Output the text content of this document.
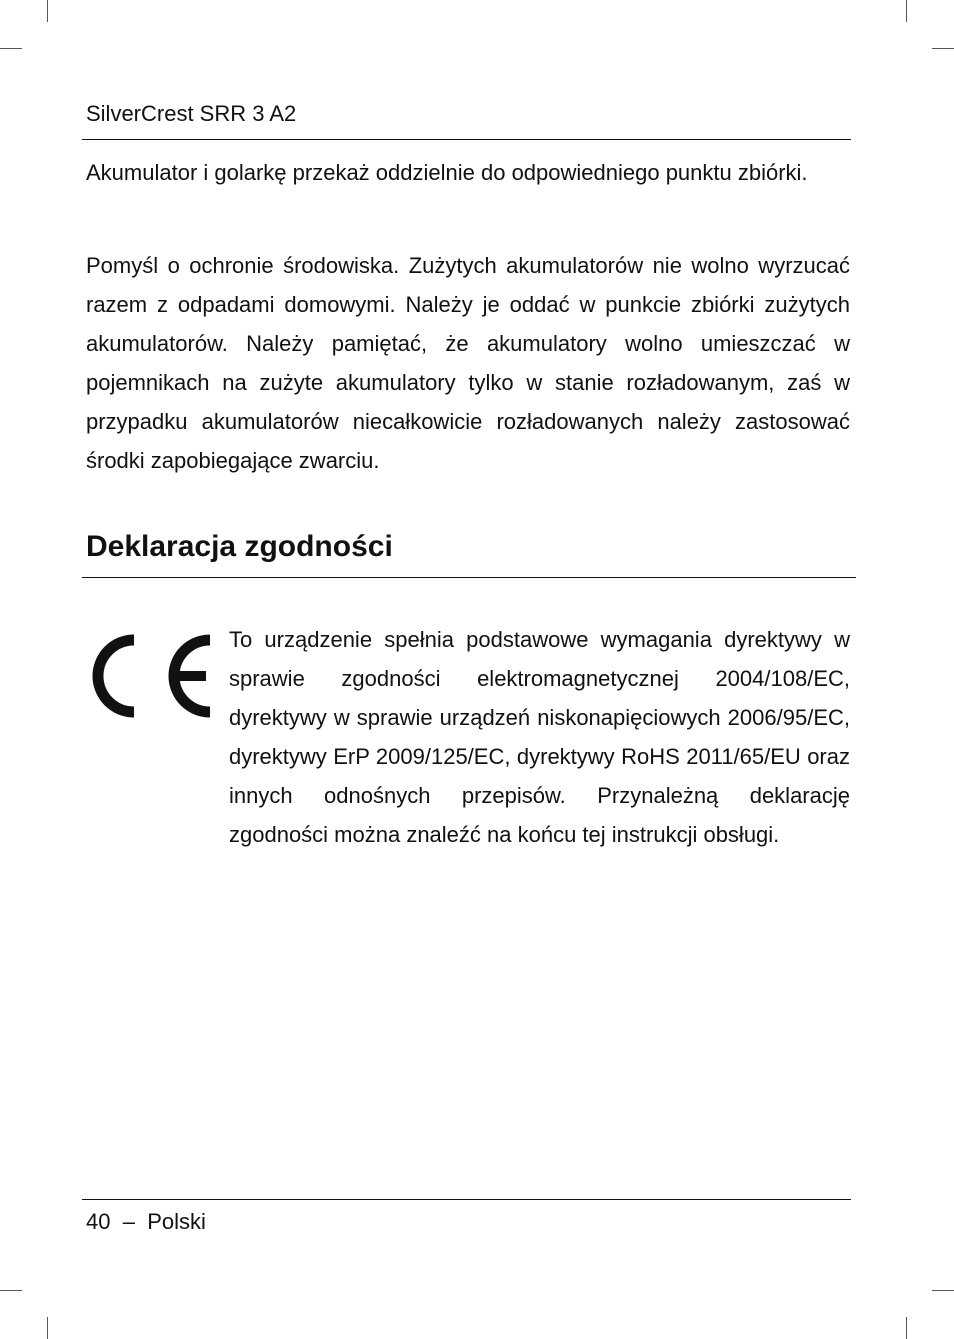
SilverCrest SRR 3 A2

Akumulator i golarkę przekaż oddzielnie do odpowiedniego punktu zbiórki.

Pomyśl o ochronie środowiska. Zużytych akumulatorów nie wolno wyrzucać razem z odpadami domowymi. Należy je oddać w punkcie zbiórki zużytych akumulatorów. Należy pamiętać, że akumulatory wolno umieszczać w pojemnikach na zużyte akumulatory tylko w stanie rozładowanym, zaś w przypadku akumulatorów niecałkowicie rozładowanych należy zastosować środki zapobiegające zwarciu.

Deklaracja zgodności

To urządzenie spełnia podstawowe wymagania dyrektywy w sprawie zgodności elektromagnetycznej 2004/108/EC, dyrektywy w sprawie urządzeń niskonapięciowych 2006/95/EC, dyrektywy ErP 2009/125/EC, dyrektywy RoHS 2011/65/EU oraz innych odnośnych przepisów. Przynależną deklarację zgodności można znaleźć na końcu tej instrukcji obsługi.

40 – Polski
